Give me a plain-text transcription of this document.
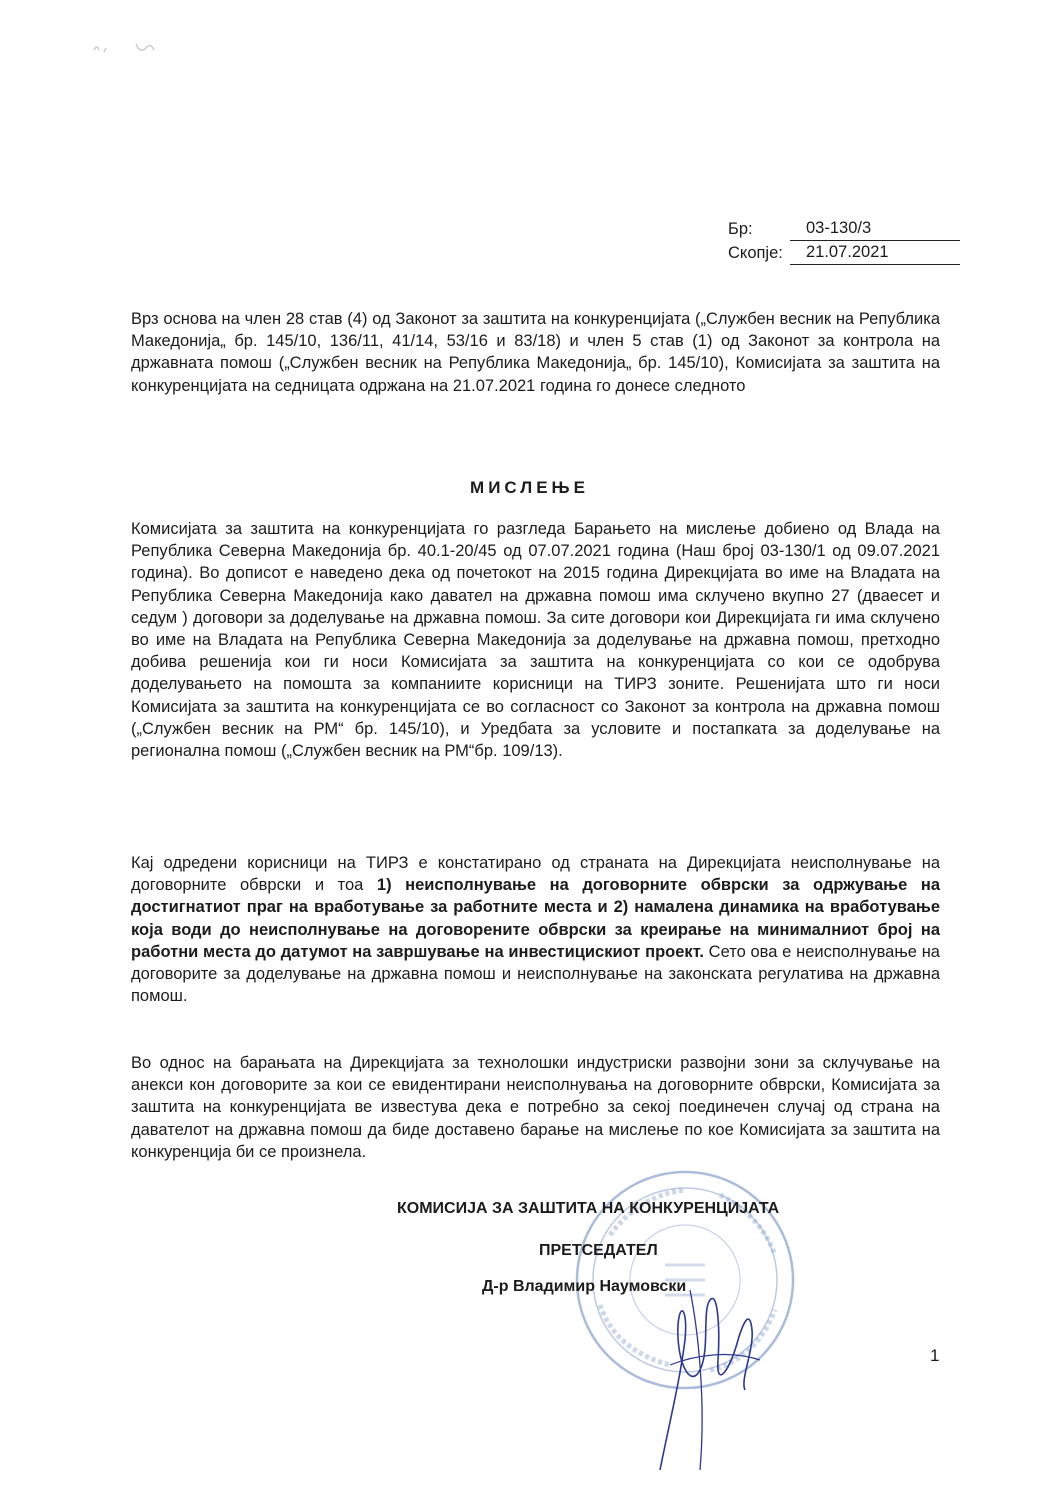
Бр:	03-130/3
Скопје:	21.07.2021
Врз основа на член 28 став (4) од Законот за заштита на конкуренцијата („Службен весник на Република Македонија„ бр. 145/10, 136/11, 41/14, 53/16 и 83/18) и член 5 став (1) од Законот за контрола на државната помош („Службен весник на Република Македонија„ бр. 145/10), Комисијата за заштита на конкуренцијата на седницата одржана на 21.07.2021 година го донесе следното
МИСЛЕЊЕ
Комисијата за заштита на конкуренцијата го разгледа Барањето на мислење добиено од Влада на Република Северна Македонија бр. 40.1-20/45 од 07.07.2021 година (Наш број 03-130/1 од 09.07.2021 година). Во дописот е наведено дека од почетокот на 2015 година Дирекцијата во име на Владата на Република Северна Македонија како давател на државна помош има склучено вкупно 27 (дваесет и седум ) договори за доделување на државна помош. За сите договори кои Дирекцијата ги има склучено во име на Владата на Република Северна Македонија за доделување на државна помош, претходно добива решенија кои ги носи Комисијата за заштита на конкуренцијата со кои се одобрува доделувањето на помошта за компаниите корисници на ТИРЗ зоните. Решенијата што ги носи Комисијата за заштита на конкуренцијата се во согласност со Законот за контрола на државна помош („Службен весник на РМ“ бр. 145/10), и Уредбата за условите и постапката за доделување на регионална помош („Службен весник на РМ“бр. 109/13).
Кај одредени корисници на ТИРЗ е констатирано од страната на Дирекцијата неисполнување на договорните обврски и тоа 1) неисполнување на договорните обврски за одржување на достигнатиот праг на вработување за работните места и 2) намалена динамика на вработување која води до неисполнување на договорените обврски за креирање на минималниот број на работни места до датумот на завршување на инвестицискиот проект. Сето ова е неисполнување на договорите за доделување на државна помош и неисполнување на законската регулатива на државна помош.
Во однос на барањата на Дирекцијата за технолошки индустриски развојни зони за склучување на анекси кон договорите за кои се евидентирани неисполнувања на договорните обврски, Комисијата за заштита на конкуренцијата ве известува дека е потребно за секој поединечен случај од страна на давателот на државна помош да биде доставено барање на мислење по кое Комисијата за заштита на конкуренција би се произнела.
КОМИСИЈА ЗА ЗАШТИТА НА КОНКУРЕНЦИЈАТА
ПРЕТСЕДАТЕЛ
Д-р Владимир Наумовски
1
